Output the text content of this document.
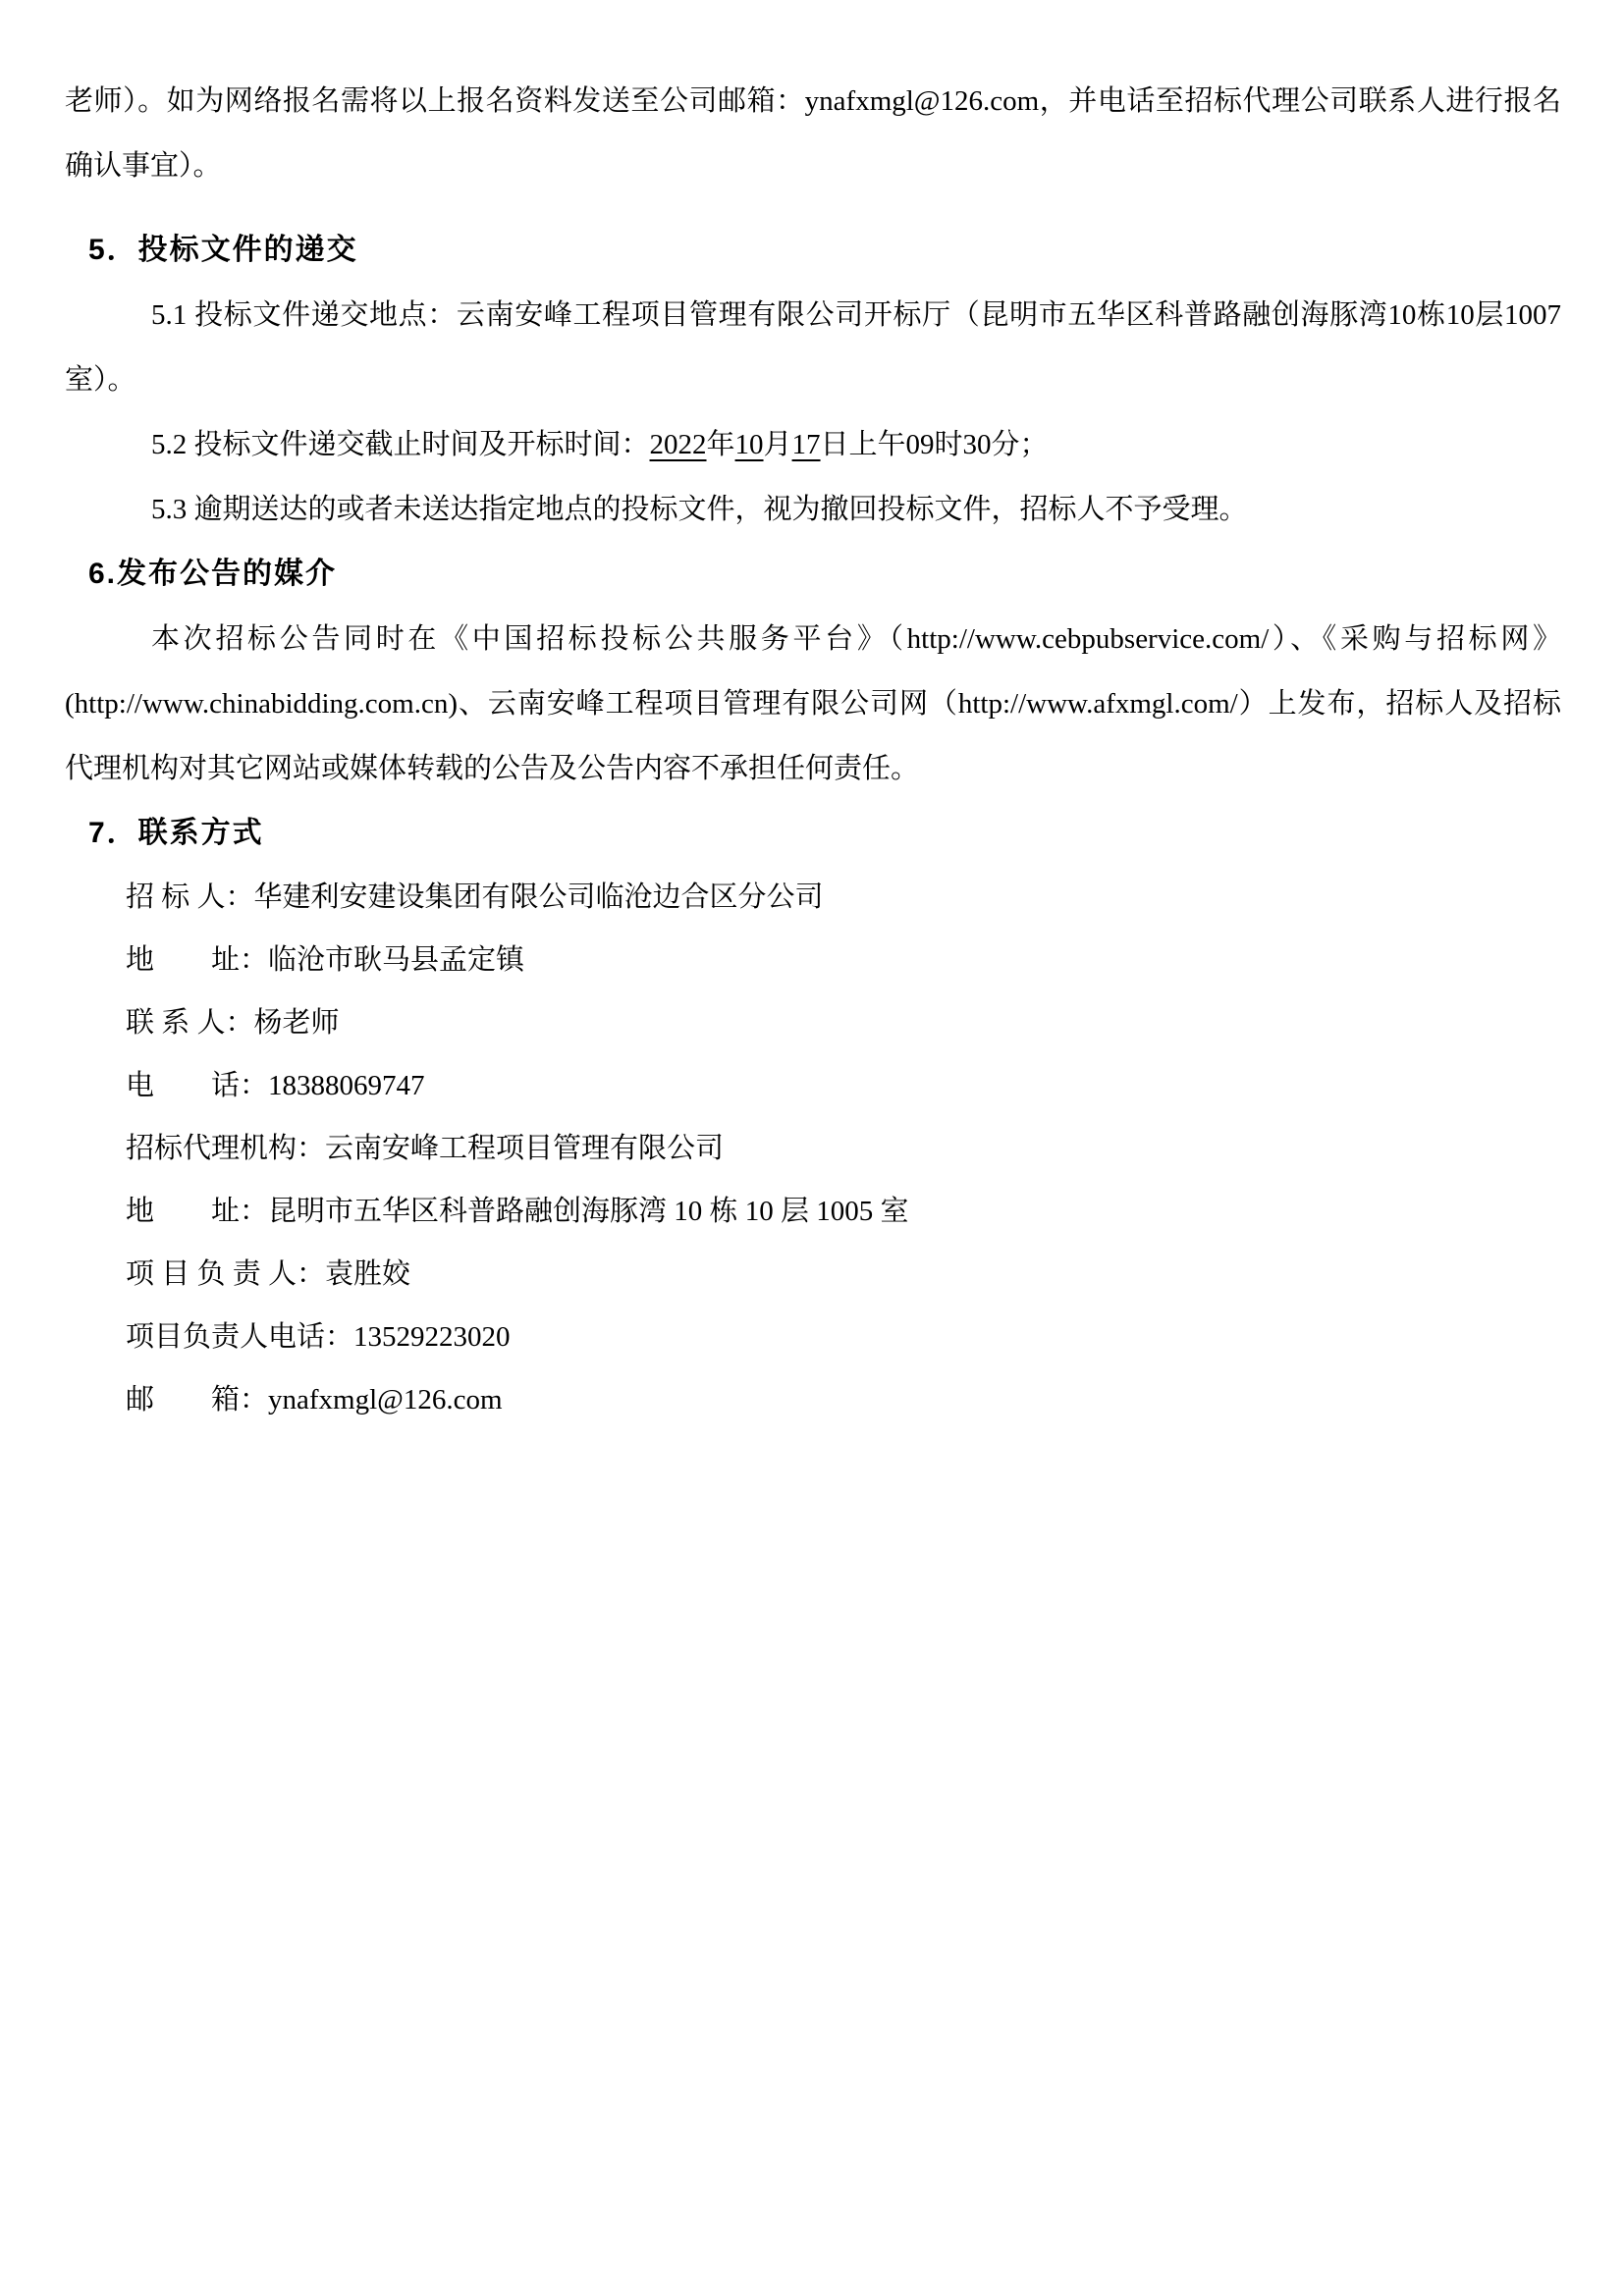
老师）。如为网络报名需将以上报名资料发送至公司邮箱：ynafxmgl@126.com，并电话至招标代理公司联系人进行报名确认事宜）。

5．投标文件的递交

5.1 投标文件递交地点：云南安峰工程项目管理有限公司开标厅（昆明市五华区科普路融创海豚湾10栋10层1007室）。

5.2 投标文件递交截止时间及开标时间：2022年10月17日上午09时30分；

5.3 逾期送达的或者未送达指定地点的投标文件，视为撤回投标文件，招标人不予受理。

6.发布公告的媒介

本次招标公告同时在《中国招标投标公共服务平台》（http://www.cebpubservice.com/）、《采购与招标网》(http://www.chinabidding.com.cn)、云南安峰工程项目管理有限公司网（http://www.afxmgl.com/）上发布，招标人及招标代理机构对其它网站或媒体转载的公告及公告内容不承担任何责任。

7．联系方式
招 标 人：华建利安建设集团有限公司临沧边合区分公司
地　　址：临沧市耿马县孟定镇
联 系 人：杨老师
电　　话：18388069747
招标代理机构：云南安峰工程项目管理有限公司
地　　址：昆明市五华区科普路融创海豚湾 10 栋 10 层 1005 室
项 目 负 责 人：袁胜姣
项目负责人电话：13529223020
邮　　箱：ynafxmgl@126.com
